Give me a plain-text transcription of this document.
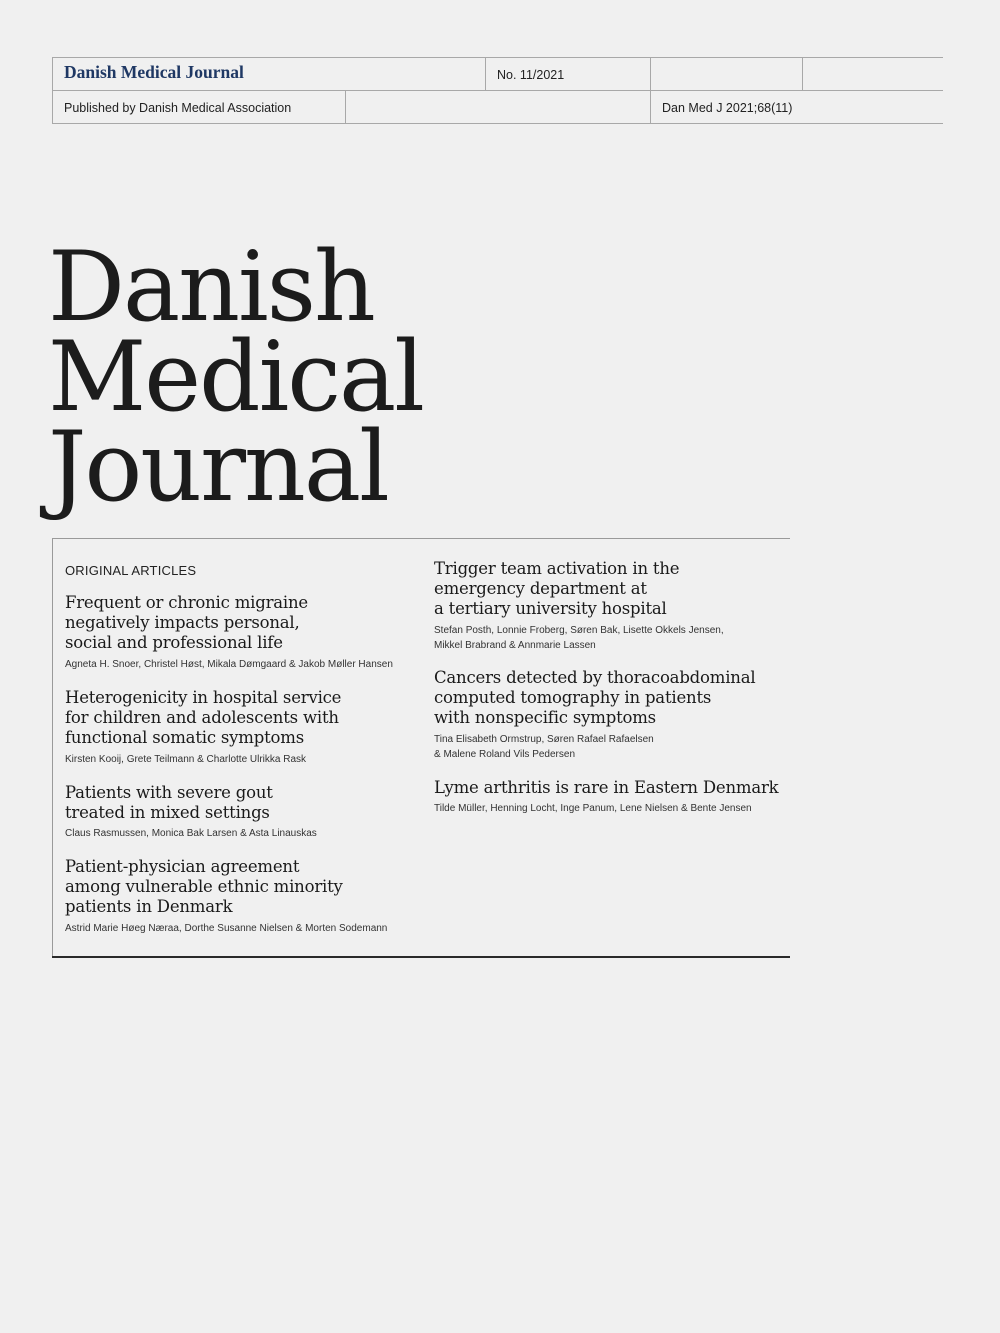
Danish Medical Journal	No. 11/2021
Published by Danish Medical Association	Dan Med J 2021;68(11)
Danish
Medical
Journal
ORIGINAL ARTICLES
Frequent or chronic migraine
negatively impacts personal,
social and professional life
Agneta H. Snoer, Christel Høst, Mikala Dømgaard & Jakob Møller Hansen
Heterogenicity in hospital service
for children and adolescents with
functional somatic symptoms
Kirsten Kooij, Grete Teilmann & Charlotte Ulrikka Rask
Patients with severe gout
treated in mixed settings
Claus Rasmussen, Monica Bak Larsen & Asta Linauskas
Patient-physician agreement
among vulnerable ethnic minority
patients in Denmark
Astrid Marie Høeg Næraa, Dorthe Susanne Nielsen & Morten Sodemann
Trigger team activation in the
emergency department at
a tertiary university hospital
Stefan Posth, Lonnie Froberg, Søren Bak, Lisette Okkels Jensen,
Mikkel Brabrand & Annmarie Lassen
Cancers detected by thoracoabdominal
computed tomography in patients
with nonspecific symptoms
Tina Elisabeth Ormstrup, Søren Rafael Rafaelsen
& Malene Roland Vils Pedersen
Lyme arthritis is rare in Eastern Denmark
Tilde Müller, Henning Locht, Inge Panum, Lene Nielsen & Bente Jensen
